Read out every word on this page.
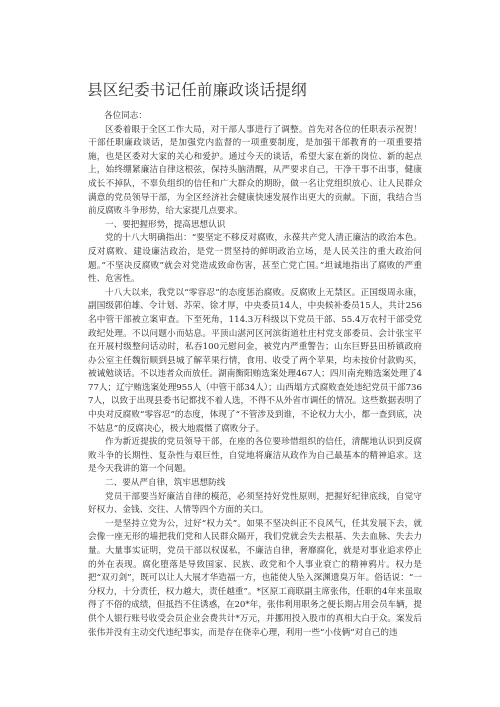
县区纪委书记任前廉政谈话提纲

各位同志：

区委着眼于全区工作大局，对干部人事进行了调整。首先对各位的任职表示祝贺！干部任职廉政谈话，是加强党内监督的一项重要制度，是加强干部教育的一项重要措施，也是区委对大家的关心和爱护。通过今天的谈话，希望大家在新的岗位、新的起点上，始终绷紧廉洁自律这根弦，保持头脑清醒，从严要求自己，干净干事不出事，健康成长不掉队，不辜负组织的信任和广大群众的期盼，做一名让党组织放心、让人民群众满意的党员领导干部，为全区经济社会健康快速发展作出更大的贡献。下面，我结合当前反腐败斗争形势，给大家提几点要求。

一、要把握形势，提高思想认识

党的十八大明确指出：“要坚定不移反对腐败，永葆共产党人清正廉洁的政治本色。反对腐败、建设廉洁政治，是党一贯坚持的鲜明政治立场，是人民关注的重大政治问题。”不坚决反腐败”就会对党造成致命伤害，甚至亡党亡国。”坦诚地指出了腐败的严重性、危害性。

十八大以来，我党以“零容忍”的态度惩治腐败。反腐败上无禁区。正国级周永康，副国级郭伯雄、令计划、苏荣、徐才厚，中央委员14人，中央候补委员15人，共计256名中管干部被立案审查。下至死角，114.3万科级以下党员干部、55.4万农村干部受党政纪处理。不以问题小而姑息。平顶山湛河区河滨街道杜庄村党支部委员、会计张宝平在开展村级整问话动时，私吞100元慰问金，被党内严重警告；山东巨野县田桥镇政府办公室主任魏衍顺到县城了解苹果行情，食用、收受了两个苹果，均未按价付款购买，被诫勉谈话。不以违者众而放任。湖南衡阳贿选案处理467人；四川南充贿选案处理了477人；辽宁贿选案处理955人（中管干部34人）；山西塌方式腐败查处违纪党员干部7367人，以致于出现县委书记都找不着人选，不得不从外省市调任的情况。这些数据表明了中央对反腐败“零容忍”的态度，体现了“不管涉及到谁，不论权力大小，都一查到底，决不姑息”的反腐决心，极大地震慑了腐败分子。

作为新近提拔的党员领导干部，在座的各位要珍惜组织的信任，清醒地认识到反腐败斗争的长期性、复杂性与艰巨性，自觉地将廉洁从政作为自己最基本的精神追求。这是今天我讲的第一个问题。

二、要从严自律，筑牢思想防线

党员干部要当好廉洁自律的模范，必须坚持好党性原则，把握好纪律底线，自觉守好权力、金钱、交往、人情等四个方面的关口。

一是坚持立党为公，过好“权力关”。如果不坚决纠正不良风气，任其发展下去，就会像一座无形的墙把我们党和人民群众隔开，我们党就会失去根基、失去血脉、失去力量。大量事实证明，党员干部以权谋私，不廉洁自律，奢靡腐化，就是对事业追求停止的外在表现。腐化堕落是导致国家、民族、政党和个人事业衰亡的精神鸦片。权力是把“双刃剑”，既可以让人大展才华造福一方，也能使人坠入深渊遗臭万年。俗话说：“一分权力，十分责任，权力越大，责任越重”。*区原工商联副主席张伟，任职的4年来虽取得了不俗的成绩，但抵挡不住诱惑，在20*年，张伟利用职务之便长期占用会员车辆，提供个人银行账号收受会员企业会费共计*万元，并挪用投入股市的真相大白于众。案发后张伟并没有主动交代违纪事实，而是存在侥幸心理，利用一些“小伎俩”对自己的违
